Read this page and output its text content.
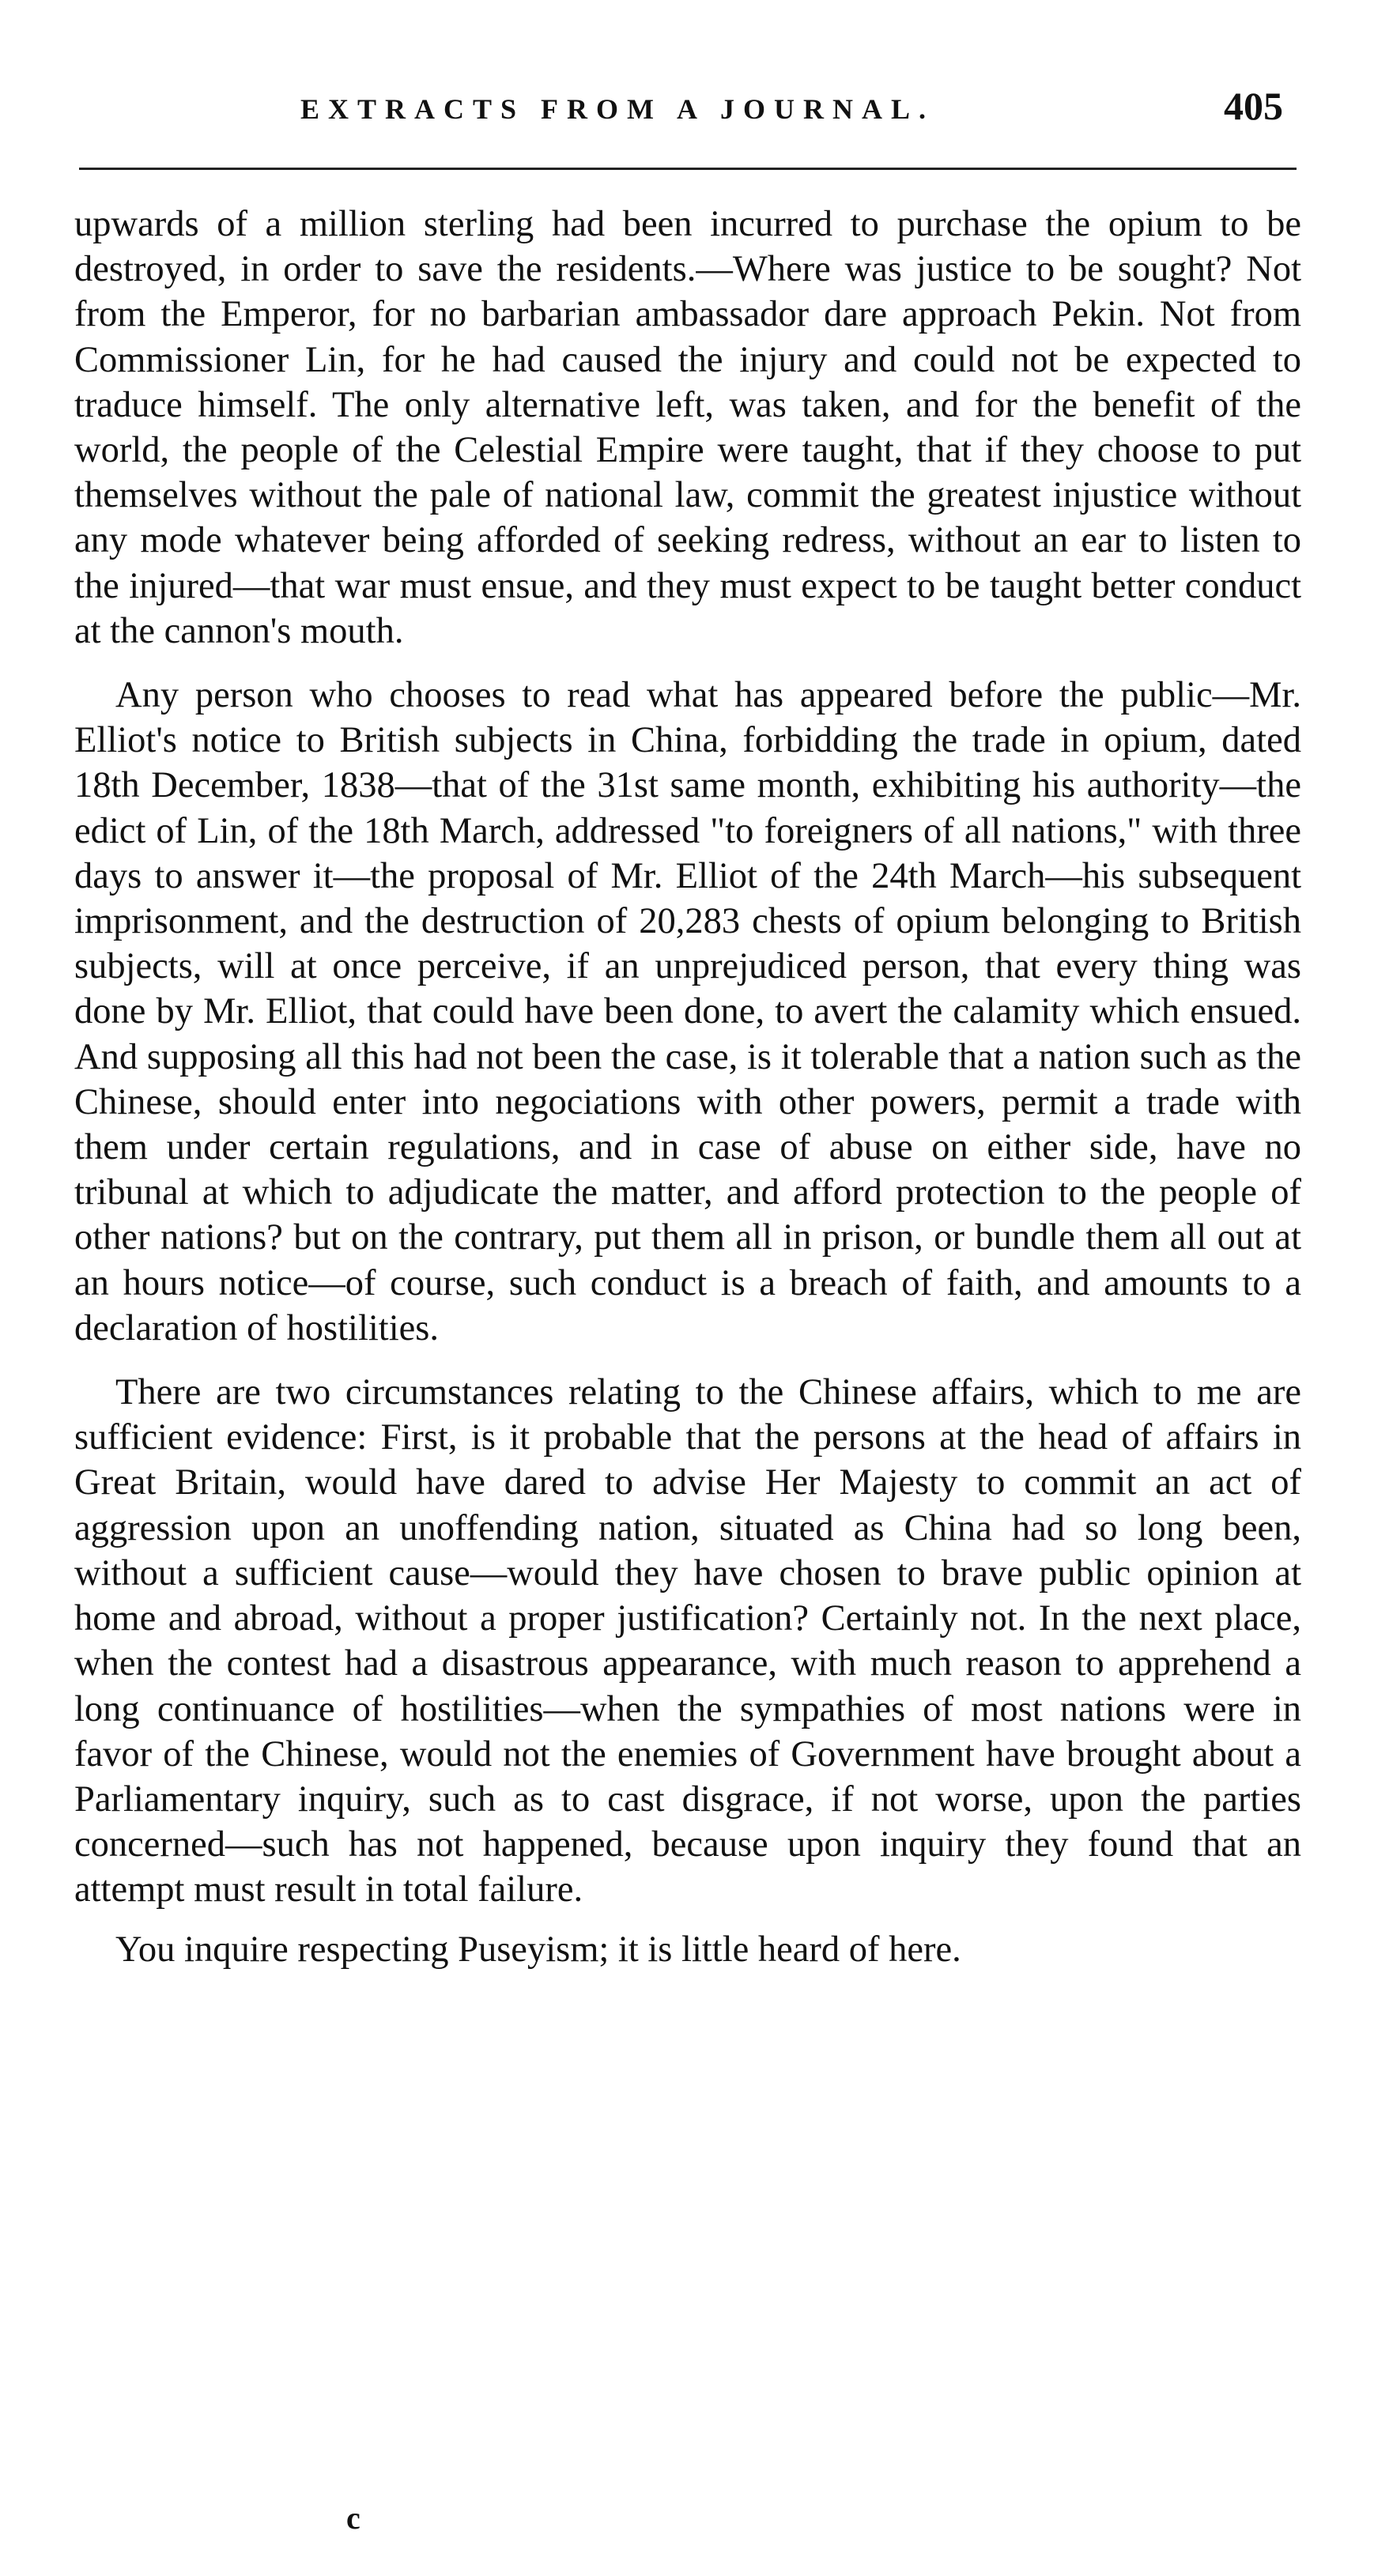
EXTRACTS FROM A JOURNAL.	405

upwards of a million sterling had been incurred to purchase the opium to be destroyed, in order to save the residents.—Where was justice to be sought? Not from the Emperor, for no barbarian ambassador dare approach Pekin. Not from Commissioner Lin, for he had caused the injury and could not be expected to traduce himself. The only alternative left, was taken, and for the benefit of the world, the people of the Celestial Empire were taught, that if they choose to put themselves without the pale of national law, commit the greatest injustice without any mode whatever being afforded of seeking redress, without an ear to listen to the injured—that war must ensue, and they must expect to be taught better conduct at the cannon's mouth.

Any person who chooses to read what has appeared before the public—Mr. Elliot's notice to British subjects in China, forbidding the trade in opium, dated 18th December, 1838—that of the 31st same month, exhibiting his authority—the edict of Lin, of the 18th March, addressed "to foreigners of all nations," with three days to answer it—the proposal of Mr. Elliot of the 24th March—his subsequent imprisonment, and the destruction of 20,283 chests of opium belonging to British subjects, will at once perceive, if an unprejudiced person, that every thing was done by Mr. Elliot, that could have been done, to avert the calamity which ensued. And supposing all this had not been the case, is it tolerable that a nation such as the Chinese, should enter into negociations with other powers, permit a trade with them under certain regulations, and in case of abuse on either side, have no tribunal at which to adjudicate the matter, and afford protection to the people of other nations? but on the contrary, put them all in prison, or bundle them all out at an hours notice—of course, such conduct is a breach of faith, and amounts to a declaration of hostilities.

There are two circumstances relating to the Chinese affairs, which to me are sufficient evidence: First, is it probable that the persons at the head of affairs in Great Britain, would have dared to advise Her Majesty to commit an act of aggression upon an unoffending nation, situated as China had so long been, without a sufficient cause—would they have chosen to brave public opinion at home and abroad, without a proper justification? Certainly not. In the next place, when the contest had a disastrous appearance, with much reason to apprehend a long continuance of hostilities—when the sympathies of most nations were in favor of the Chinese, would not the enemies of Government have brought about a Parliamentary inquiry, such as to cast disgrace, if not worse, upon the parties concerned—such has not happened, because upon inquiry they found that an attempt must result in total failure.

You inquire respecting Puseyism; it is little heard of here.

c
